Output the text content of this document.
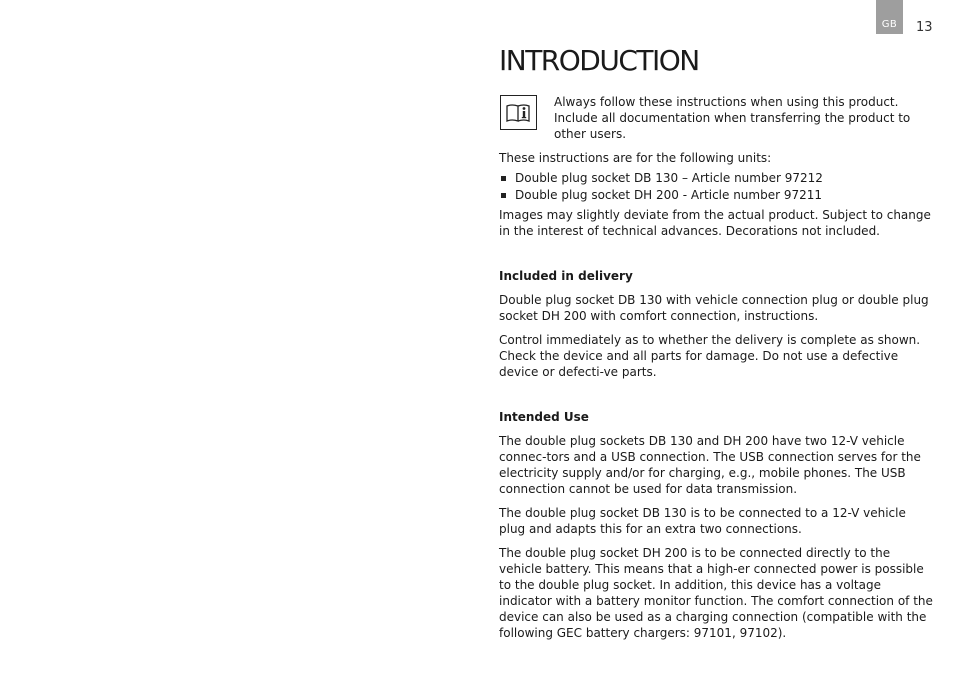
GB 13
INTRODUCTION
Always follow these instructions when using this product.
Include all documentation when transferring the product to other users.

These instructions are for the following units:

Double plug socket DB 130 – Article number 97212
Double plug socket DH 200 - Article number 97211

Images may slightly deviate from the actual product. Subject to change in the interest of technical advances. Decorations not included.

Included in delivery

Double plug socket DB 130 with vehicle connection plug or double plug socket DH 200 with comfort connection, instructions.

Control immediately as to whether the delivery is complete as shown. Check the device and all parts for damage. Do not use a defective device or defecti-ve parts.

Intended Use

The double plug sockets DB 130 and DH 200 have two 12-V vehicle connec-tors and a USB connection. The USB connection serves for the electricity supply and/or for charging, e.g., mobile phones. The USB connection cannot be used for data transmission.

The double plug socket DB 130 is to be connected to a 12-V vehicle plug and adapts this for an extra two connections.

The double plug socket DH 200 is to be connected directly to the vehicle battery. This means that a high-er connected power is possible to the double plug socket. In addition, this device has a voltage indicator with a battery monitor function. The comfort connection of the device can also be used as a charging connection (compatible with the following GEC battery chargers: 97101, 97102).
